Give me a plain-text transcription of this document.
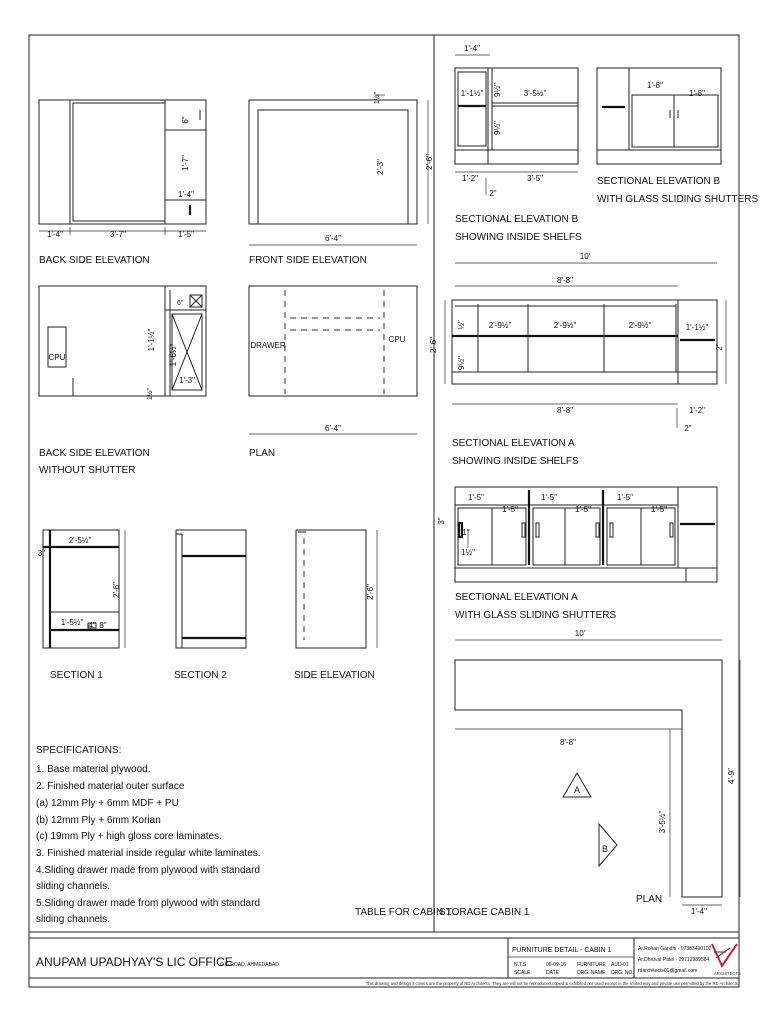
6"
1'-7"
1'-4"
1'-4"	3'-7"	1'-5"
BACK SIDE ELEVATION
1½"
2'-3"	2'-6"
6'-4"
FRONT SIDE ELEVATION
CPU
6"
1'-1½"
1'-6½"
1'-3"
1½"
BACK SIDE ELEVATION
WITHOUT SHUTTER
DRAWER
CPU
6'-4"
PLAN
2'-5½"
3"
2'-6"
1'-5½" 4" 8"
SECTION 1	SECTION 2
2'-6"
SIDE ELEVATION
1'-4"
1'-1½" 9½"
9½"
3'-5½"
1'-2"	3'-5"
2"
SECTIONAL ELEVATION B
SHOWING INSIDE SHELFS
1'-8"
1'-8"
SECTIONAL ELEVATION B
WITH GLASS SLIDING SHUTTERS
10'
8'-8"
½"	2'-9½"	2'-9½"	2'-9½"	1'-1½"
9½"
2"
2'-6"
8'-8"	1'-2"
2"
SECTIONAL ELEVATION A
SHOWING INSIDE SHELFS
1'-5"
1'-5"
1'-5"
1'-5"
1'-5"
1'-5"
3"
1"
1½"
SECTIONAL ELEVATION A
WITH GLASS SLIDING SHUTTERS
10'
8'-8"
4'-9"
3'-5½"
1'-4"
A
B
PLAN
SPECIFICATIONS:
1. Base material plywood.
2. Finished material outer surface
(a) 12mm Ply + 6mm MDF + PU
(b) 12mm Ply + 6mm Korian
(c) 19mm Ply + high gloss core laminates.
3. Finished material inside regular white laminates.
4.Sliding drawer made from plywood with standard
sliding channels.
5.Sliding drawer made from plywood with standard
sliding channels.
TABLE FOR CABIN 1
STORAGE CABIN 1
ANUPAM UPADHYAY'S LIC OFFICE
C.G ROAD, AHMEDABAD
FURNITURE DETAIL - CABIN 1
N.T.S
SCALE
06-09-16
DATE
FURNITURE
DRG. NAME
AUD-01
DRG. NO.
Ar.Rohan Gandhi - 07383490102
Ar.Dhruval Patel - 09712989584
rdarchitects01@gmail.com	ARCHITECTS
This drawing and design it covers are the property of RD Architects. They are will not be reproduced,copied & exhibited nor used except in the limited way and private use permitted by the RD Architects.
